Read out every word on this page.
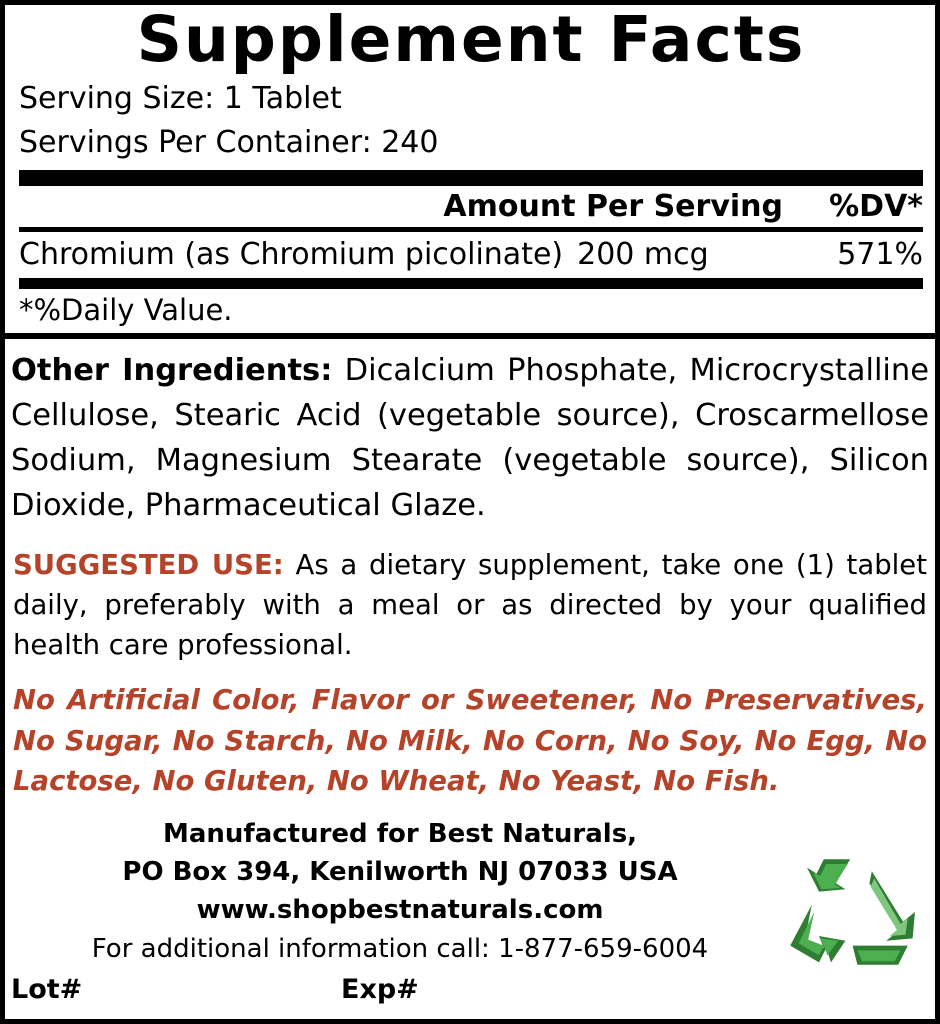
Supplement Facts
Serving Size: 1 Tablet
Servings Per Container: 240
Amount Per Serving	%DV*
Chromium (as Chromium picolinate) 200 mcg	571%
*%Daily Value.
Other Ingredients: Dicalcium Phosphate, Microcrystalline Cellulose, Stearic Acid (vegetable source), Croscarmellose Sodium, Magnesium Stearate (vegetable source), Silicon Dioxide, Pharmaceutical Glaze.
SUGGESTED USE: As a dietary supplement, take one (1) tablet daily, preferably with a meal or as directed by your qualified health care professional.
No Artificial Color, Flavor or Sweetener, No Preservatives, No Sugar, No Starch, No Milk, No Corn, No Soy, No Egg, No Lactose, No Gluten, No Wheat, No Yeast, No Fish.
Manufactured for Best Naturals,
PO Box 394, Kenilworth NJ 07033 USA
www.shopbestnaturals.com
For additional information call: 1-877-659-6004
Lot#	Exp#
